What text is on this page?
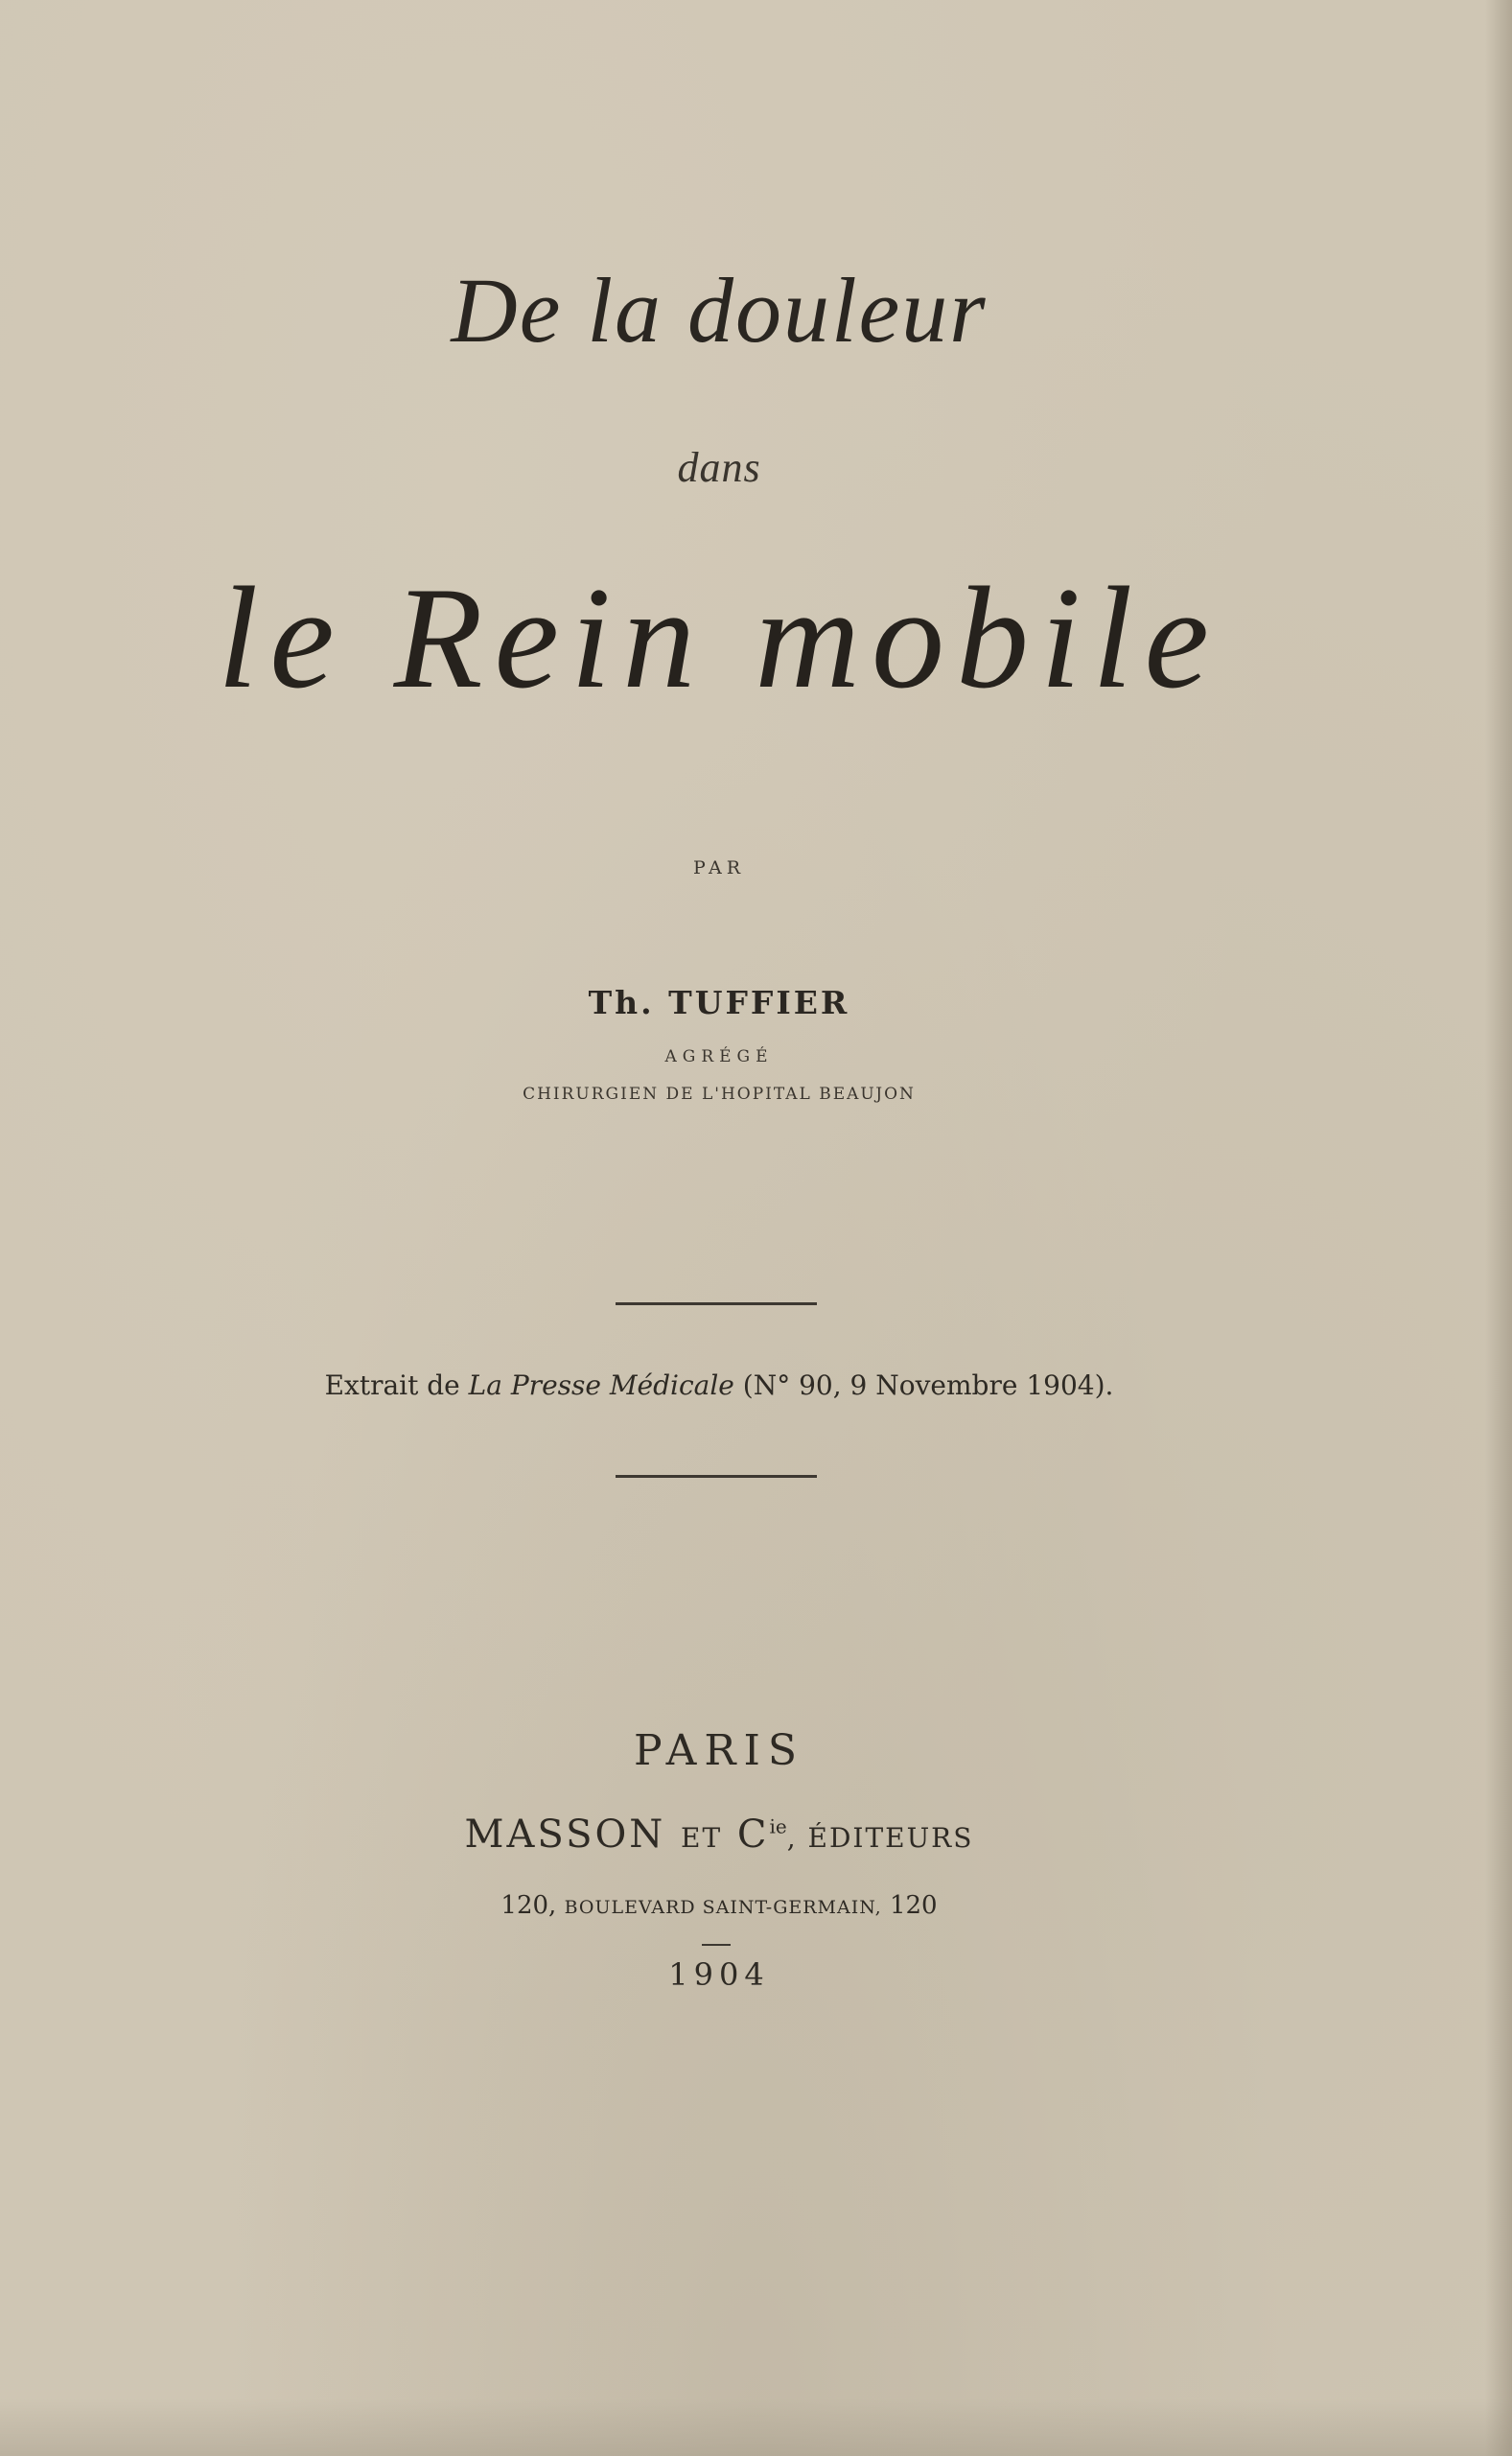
De la douleur
dans
le Rein mobile
PAR
Th. TUFFIER
AGRÉGÉ
CHIRURGIEN DE L'HOPITAL BEAUJON
Extrait de La Presse Médicale (N° 90, 9 Novembre 1904).
PARIS
MASSON ET $C^{ie}$, ÉDITEURS
120, BOULEVARD SAINT-GERMAIN, 120
1904
